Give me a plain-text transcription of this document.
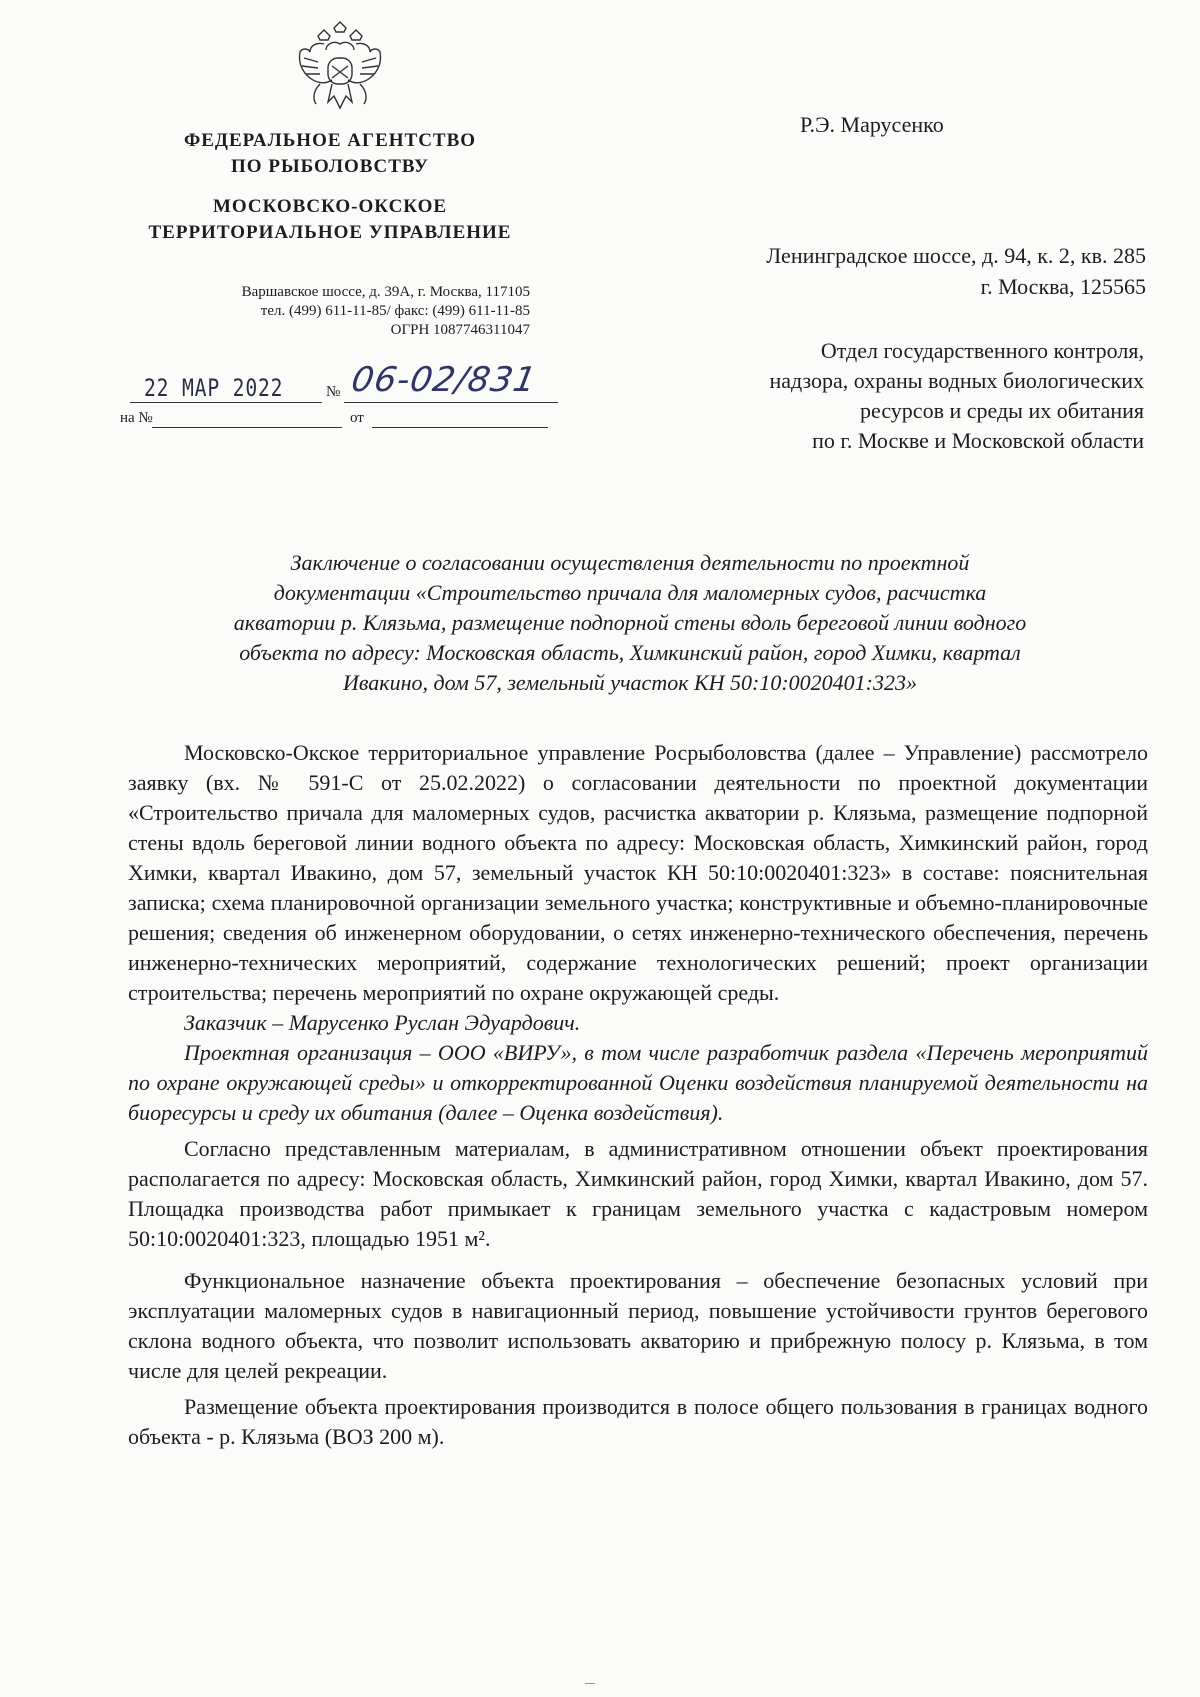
ФЕДЕРАЛЬНОЕ АГЕНТСТВО
ПО РЫБОЛОВСТВУ
МОСКОВСКО-ОКСКОЕ
ТЕРРИТОРИАЛЬНОЕ УПРАВЛЕНИЕ
Варшавское шоссе, д. 39А, г. Москва, 117105
тел. (499) 611-11-85/ факс: (499) 611-11-85
ОГРН 1087746311047
22 МАР 2022	№ 06-02/831
на №	от
Р.Э. Марусенко
Ленинградское шоссе, д. 94, к. 2, кв. 285
г. Москва, 125565
Отдел государственного контроля,
надзора, охраны водных биологических
ресурсов и среды их обитания
по г. Москве и Московской области
Заключение о согласовании осуществления деятельности по проектной
документации «Строительство причала для маломерных судов, расчистка
акватории р. Клязьма, размещение подпорной стены вдоль береговой линии водного
объекта по адресу: Московская область, Химкинский район, город Химки, квартал
Ивакино, дом 57, земельный участок КН 50:10:0020401:323»

Московско-Окское территориальное управление Росрыболовства (далее – Управление) рассмотрело заявку (вх. № 591-С от 25.02.2022) о согласовании деятельности по проектной документации «Строительство причала для маломерных судов, расчистка акватории р. Клязьма, размещение подпорной стены вдоль береговой линии водного объекта по адресу: Московская область, Химкинский район, город Химки, квартал Ивакино, дом 57, земельный участок КН 50:10:0020401:323» в составе: пояснительная записка; схема планировочной организации земельного участка; конструктивные и объемно-планировочные решения; сведения об инженерном оборудовании, о сетях инженерно-технического обеспечения, перечень инженерно-технических мероприятий, содержание технологических решений; проект организации строительства; перечень мероприятий по охране окружающей среды.

Заказчик – Марусенко Руслан Эдуардович.

Проектная организация – ООО «ВИРУ», в том числе разработчик раздела «Перечень мероприятий по охране окружающей среды» и откорректированной Оценки воздействия планируемой деятельности на биоресурсы и среду их обитания (далее – Оценка воздействия).

Согласно представленным материалам, в административном отношении объект проектирования располагается по адресу: Московская область, Химкинский район, город Химки, квартал Ивакино, дом 57. Площадка производства работ примыкает к границам земельного участка с кадастровым номером 50:10:0020401:323, площадью 1951 м².

Функциональное назначение объекта проектирования – обеспечение безопасных условий при эксплуатации маломерных судов в навигационный период, повышение устойчивости грунтов берегового склона водного объекта, что позволит использовать акваторию и прибрежную полосу р. Клязьма, в том числе для целей рекреации.

Размещение объекта проектирования производится в полосе общего пользования в границах водного объекта - р. Клязьма (ВОЗ 200 м).
